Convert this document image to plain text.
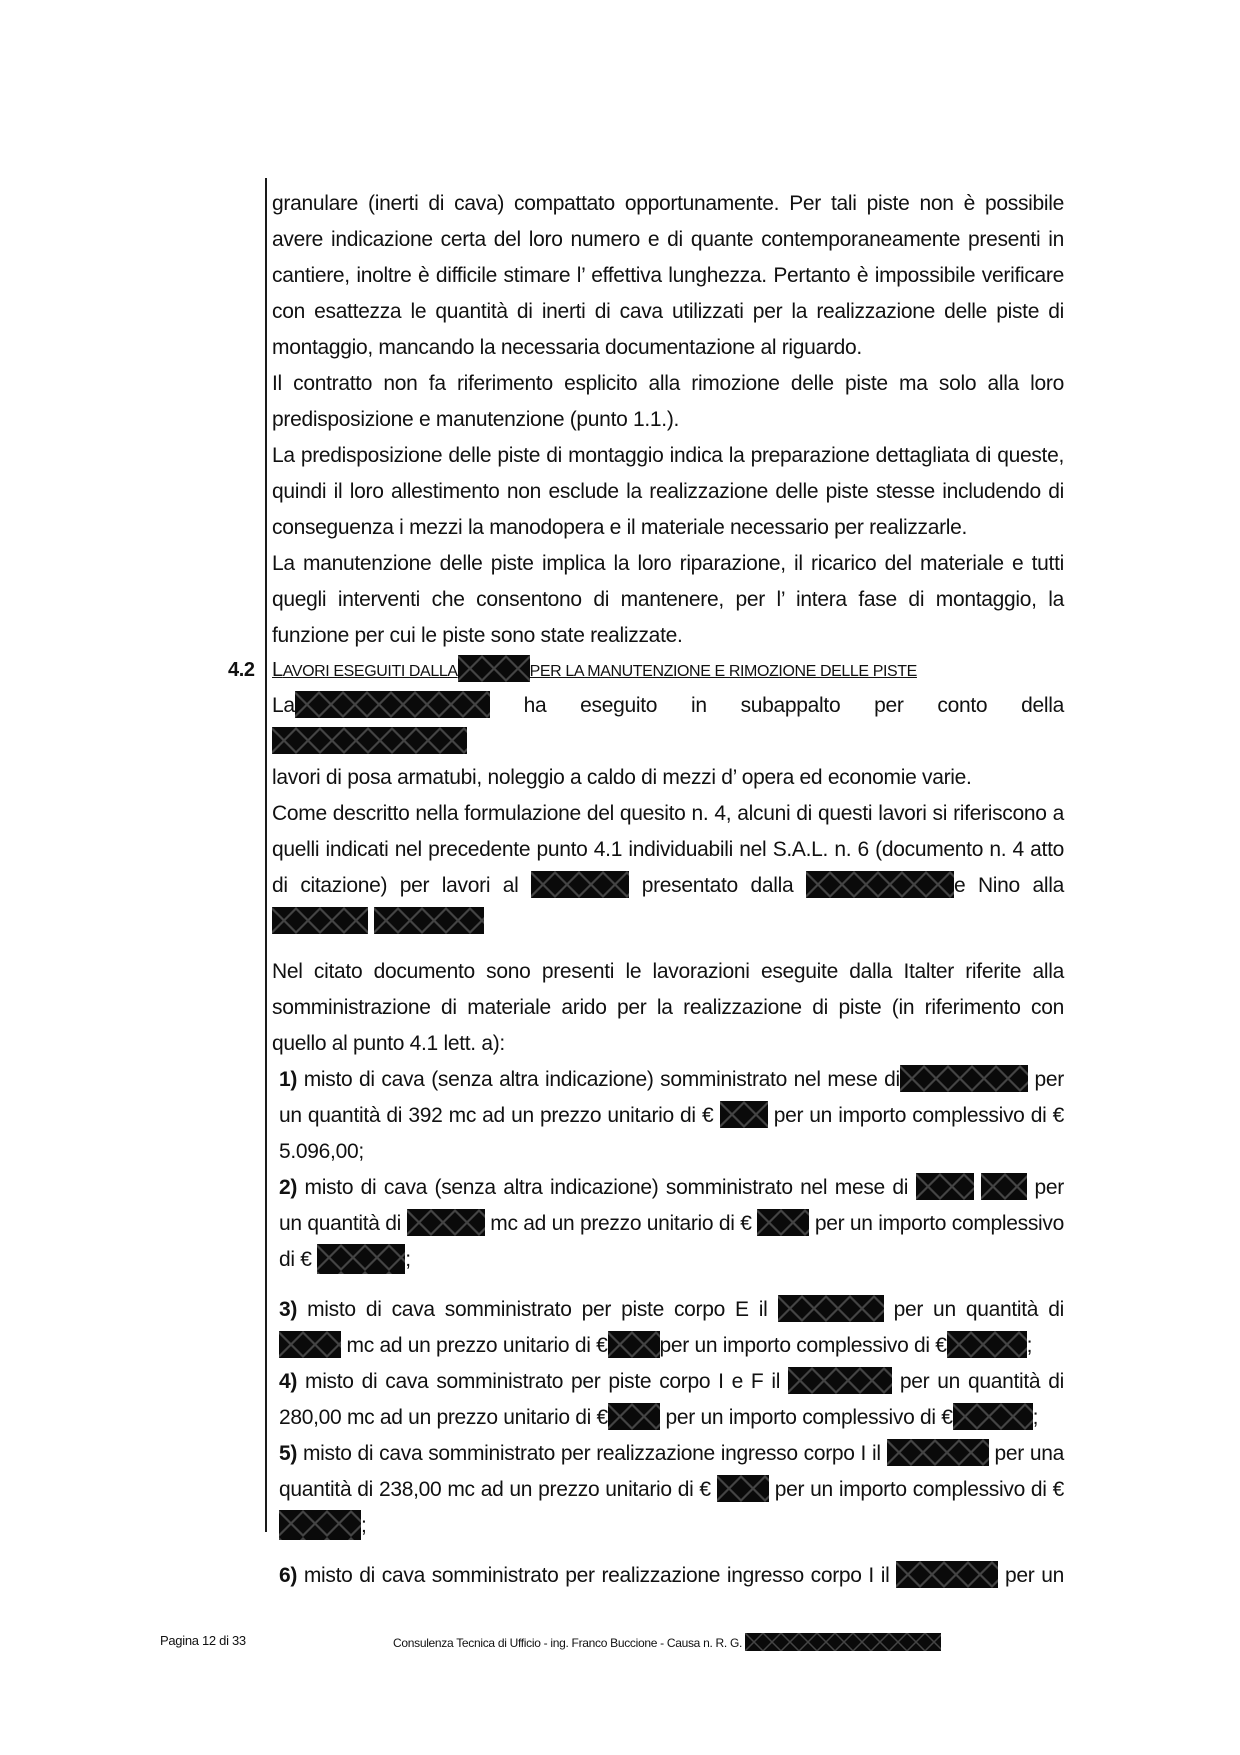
granulare (inerti di cava) compattato opportunamente. Per tali piste non è possibile avere indicazione certa del loro numero e di quante contemporaneamente presenti in cantiere, inoltre è difficile stimare l’ effettiva lunghezza. Pertanto è impossibile verificare con esattezza le quantità di inerti di cava utilizzati per la realizzazione delle piste di montaggio, mancando la necessaria documentazione al riguardo.

Il contratto non fa riferimento esplicito alla rimozione delle piste ma solo alla loro predisposizione e manutenzione (punto 1.1.).

La predisposizione delle piste di montaggio indica la preparazione dettagliata di queste, quindi il loro allestimento non esclude la realizzazione delle piste stesse includendo di conseguenza i mezzi la manodopera e il materiale necessario per realizzarle.

La manutenzione delle piste implica la loro riparazione, il ricarico del materiale e tutti quegli interventi che consentono di mantenere, per l’ intera fase di montaggio, la funzione per cui le piste sono state realizzate.

4.2 LAVORI ESEGUITI DALLA	PER LA MANUTENZIONE E RIMOZIONE DELLE PISTE

La	ha eseguito in subappalto per conto della

lavori di posa armatubi, noleggio a caldo di mezzi d’ opera ed economie varie.

Come descritto nella formulazione del quesito n. 4, alcuni di questi lavori si riferiscono a quelli indicati nel precedente punto 4.1 individuabili nel S.A.L. n. 6 (documento n. 4 atto di citazione) per lavori al	presentato dalla	e Nino alla

Nel citato documento sono presenti le lavorazioni eseguite dalla Italter riferite alla somministrazione di materiale arido per la realizzazione di piste (in riferimento con quello al punto 4.1 lett. a):

1) misto di cava (senza altra indicazione) somministrato nel mese di	per un quantità di 392 mc ad un prezzo unitario di €	per un importo complessivo di € 5.096,00;

2) misto di cava (senza altra indicazione) somministrato nel mese di	per un quantità di	mc ad un prezzo unitario di €	per un importo complessivo di €	;

3) misto di cava somministrato per piste corpo E il	per un quantità di  mc ad un prezzo unitario di € per un importo complessivo di €	;

4) misto di cava somministrato per piste corpo I e F il	per un quantità di 280,00 mc ad un prezzo unitario di €	per un importo complessivo di €	;

5) misto di cava somministrato per realizzazione ingresso corpo I il	per una quantità di 238,00 mc ad un prezzo unitario di €	per un importo complessivo di € ;

6) misto di cava somministrato per realizzazione ingresso corpo I il	per un

Pagina 12 di 33	Consulenza Tecnica di Ufficio - ing. Franco Buccione - Causa n. R. G.
